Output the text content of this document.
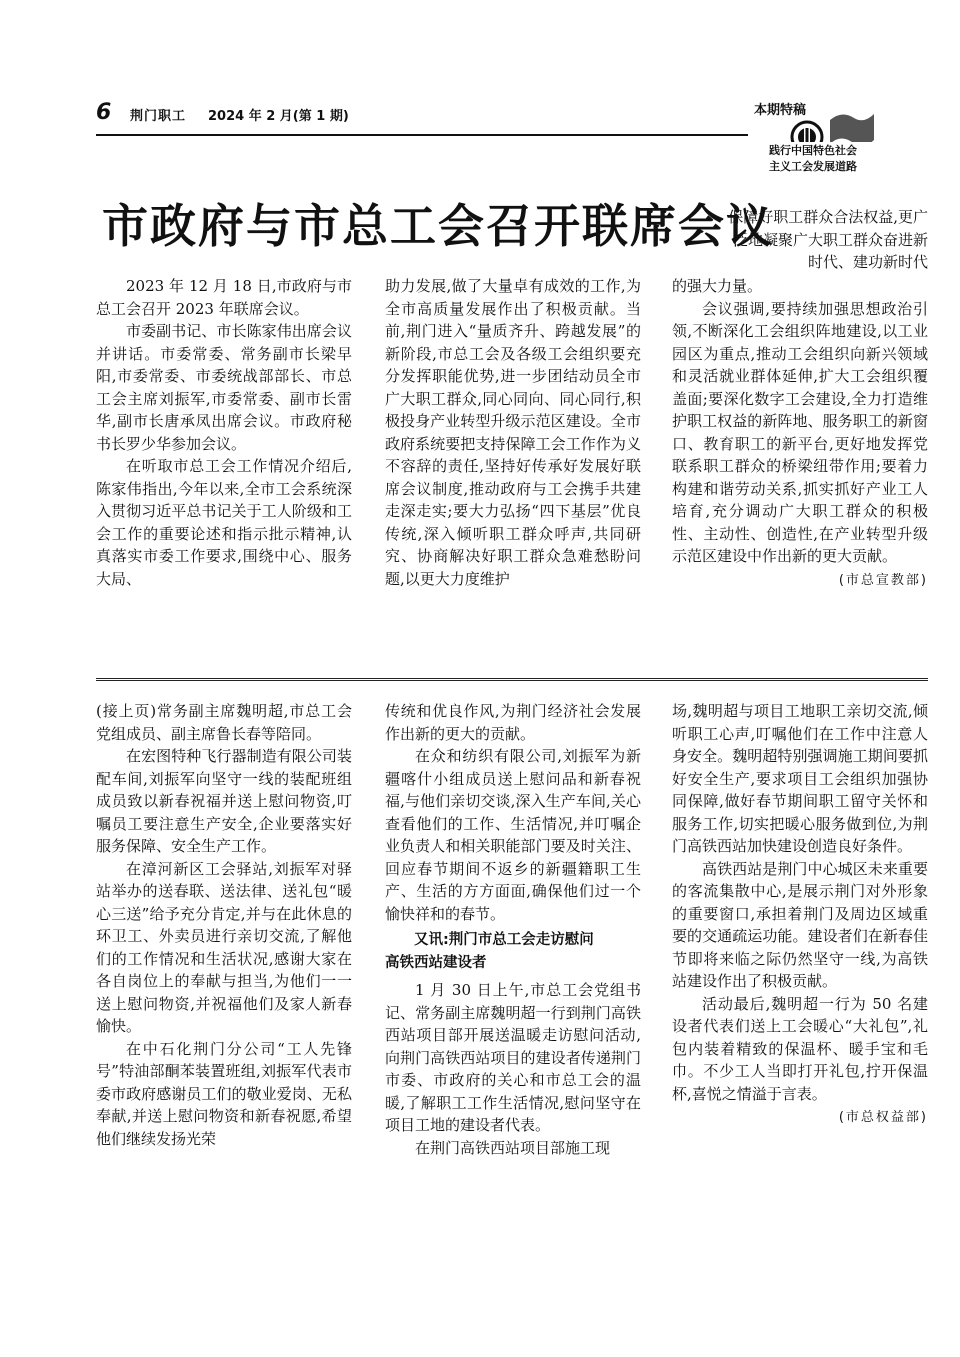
6 荆门职工 2024 年 2 月(第 1 期)	本期特稿
践行中国特色社会
主义工会发展道路
市政府与市总工会召开联席会议
保障好职工群众合法权益,更广泛地凝聚广大职工群众奋进新时代、建功新时代

2023 年 12 月 18 日,市政府与市总工会召开 2023 年联席会议。

市委副书记、市长陈家伟出席会议并讲话。市委常委、常务副市长梁早阳,市委常委、市委统战部部长、市总工会主席刘振军,市委常委、副市长雷华,副市长唐承凤出席会议。市政府秘书长罗少华参加会议。

在听取市总工会工作情况介绍后,陈家伟指出,今年以来,全市工会系统深入贯彻习近平总书记关于工人阶级和工会工作的重要论述和指示批示精神,认真落实市委工作要求,围绕中心、服务大局、

助力发展,做了大量卓有成效的工作,为全市高质量发展作出了积极贡献。当前,荆门进入“量质齐升、跨越发展”的新阶段,市总工会及各级工会组织要充分发挥职能优势,进一步团结动员全市广大职工群众,同心同向、同心同行,积极投身产业转型升级示范区建设。全市政府系统要把支持保障工会工作作为义不容辞的责任,坚持好传承好发展好联席会议制度,推动政府与工会携手共建走深走实;要大力弘扬“四下基层”优良传统,深入倾听职工群众呼声,共同研究、协商解决好职工群众急难愁盼问题,以更大力度维护

的强大力量。

会议强调,要持续加强思想政治引领,不断深化工会组织阵地建设,以工业园区为重点,推动工会组织向新兴领域和灵活就业群体延伸,扩大工会组织覆盖面;要深化数字工会建设,全力打造维护职工权益的新阵地、服务职工的新窗口、教育职工的新平台,更好地发挥党联系职工群众的桥梁纽带作用;要着力构建和谐劳动关系,抓实抓好产业工人培育,充分调动广大职工群众的积极性、主动性、创造性,在产业转型升级示范区建设中作出新的更大贡献。

(市总宣教部)

(接上页)常务副主席魏明超,市总工会党组成员、副主席鲁长春等陪同。

在宏图特种飞行器制造有限公司装配车间,刘振军向坚守一线的装配班组成员致以新春祝福并送上慰问物资,叮嘱员工要注意生产安全,企业要落实好服务保障、安全生产工作。

在漳河新区工会驿站,刘振军对驿站举办的送春联、送法律、送礼包“暖心三送”给予充分肯定,并与在此休息的环卫工、外卖员进行亲切交流,了解他们的工作情况和生活状况,感谢大家在各自岗位上的奉献与担当,为他们一一送上慰问物资,并祝福他们及家人新春愉快。

在中石化荆门分公司“工人先锋号”特油部酮苯装置班组,刘振军代表市委市政府感谢员工们的敬业爱岗、无私奉献,并送上慰问物资和新春祝愿,希望他们继续发扬光荣

传统和优良作风,为荆门经济社会发展作出新的更大的贡献。

在众和纺织有限公司,刘振军为新疆喀什小组成员送上慰问品和新春祝福,与他们亲切交谈,深入生产车间,关心查看他们的工作、生活情况,并叮嘱企业负责人和相关职能部门要及时关注、回应春节期间不返乡的新疆籍职工生产、生活的方方面面,确保他们过一个愉快祥和的春节。

又讯:荆门市总工会走访慰问
高铁西站建设者

1 月 30 日上午,市总工会党组书记、常务副主席魏明超一行到荆门高铁西站项目部开展送温暖走访慰问活动,向荆门高铁西站项目的建设者传递荆门市委、市政府的关心和市总工会的温暖,了解职工工作生活情况,慰问坚守在项目工地的建设者代表。

在荆门高铁西站项目部施工现

场,魏明超与项目工地职工亲切交流,倾听职工心声,叮嘱他们在工作中注意人身安全。魏明超特别强调施工期间要抓好安全生产,要求项目工会组织加强协同保障,做好春节期间职工留守关怀和服务工作,切实把暖心服务做到位,为荆门高铁西站加快建设创造良好条件。

高铁西站是荆门中心城区未来重要的客流集散中心,是展示荆门对外形象的重要窗口,承担着荆门及周边区域重要的交通疏运功能。建设者们在新春佳节即将来临之际仍然坚守一线,为高铁站建设作出了积极贡献。

活动最后,魏明超一行为 50 名建设者代表们送上工会暖心“大礼包”,礼包内装着精致的保温杯、暖手宝和毛巾。不少工人当即打开礼包,拧开保温杯,喜悦之情溢于言表。

(市总权益部)
